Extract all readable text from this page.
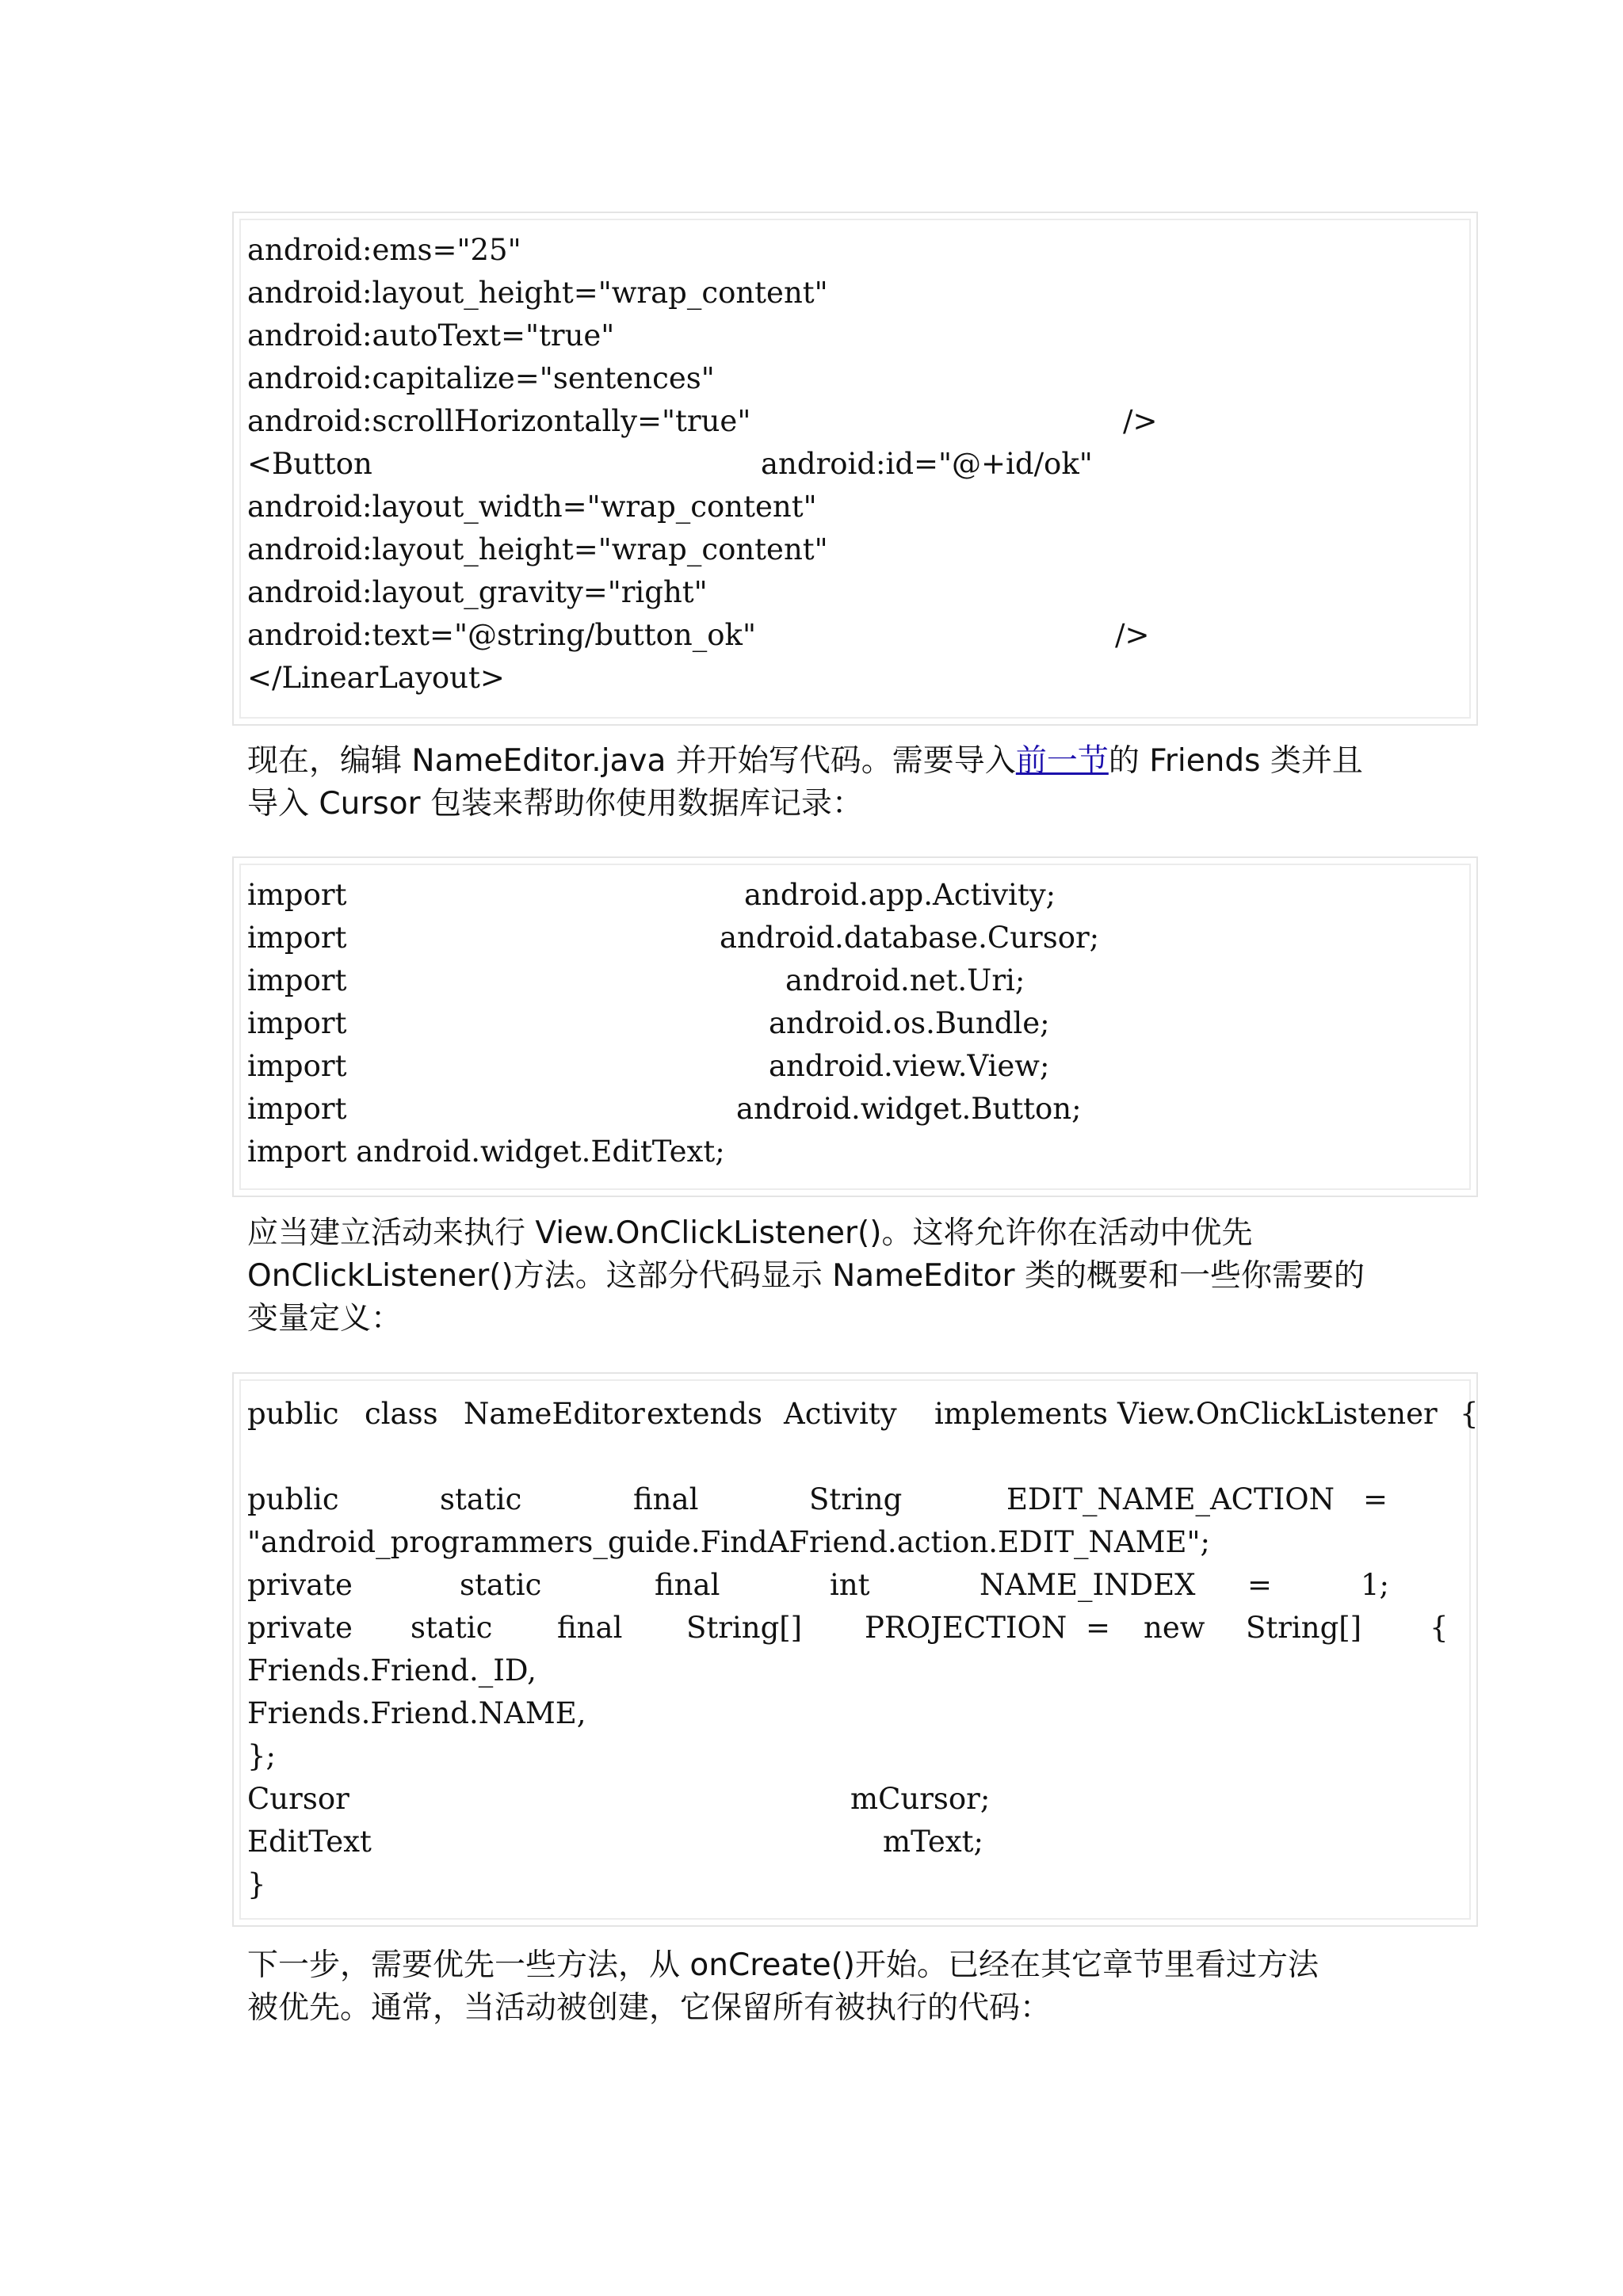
android:ems="25"
android:layout_height="wrap_content"
android:autoText="true"
android:capitalize="sentences"

android:scrollHorizontally="true"

	/>

<Button

	android:id="@+id/ok"

android:layout_width="wrap_content"
android:layout_height="wrap_content"
android:layout_gravity="right"

android:text="@string/button_ok"

	/>

</LinearLayout>
现在，编辑 NameEditor.java 并开始写代码。需要导入前一节的 Friends 类并且
导入 Cursor 包装来帮助你使用数据库记录：

import

	android.app.Activity;

import

	android.database.Cursor;

import

	android.net.Uri;

import

	android.os.Bundle;

import

	android.view.View;

import

	android.widget.Button;

import android.widget.EditText;
应当建立活动来执行 View.OnClickListener()。这将允许你在活动中优先
OnClickListener()方法。这部分代码显示 NameEditor 类的概要和一些你需要的
变量定义：

public

class

NameEditor

extends

Activity

implements

View.OnClickListener

{

public

	static

	final

	String

	EDIT_NAME_ACTION

=

"android_programmers_guide.FindAFriend.action.EDIT_NAME";

private

	static

	final

	int

	NAME_INDEX

=

	1;

private

static

final

String[]

PROJECTION

=

new

String[]

{

Friends.Friend._ID,
Friends.Friend.NAME,
};

Cursor

	mCursor;

EditText

	mText;

}
下一步，需要优先一些方法，从 onCreate()开始。已经在其它章节里看过方法
被优先。通常，当活动被创建，它保留所有被执行的代码：
